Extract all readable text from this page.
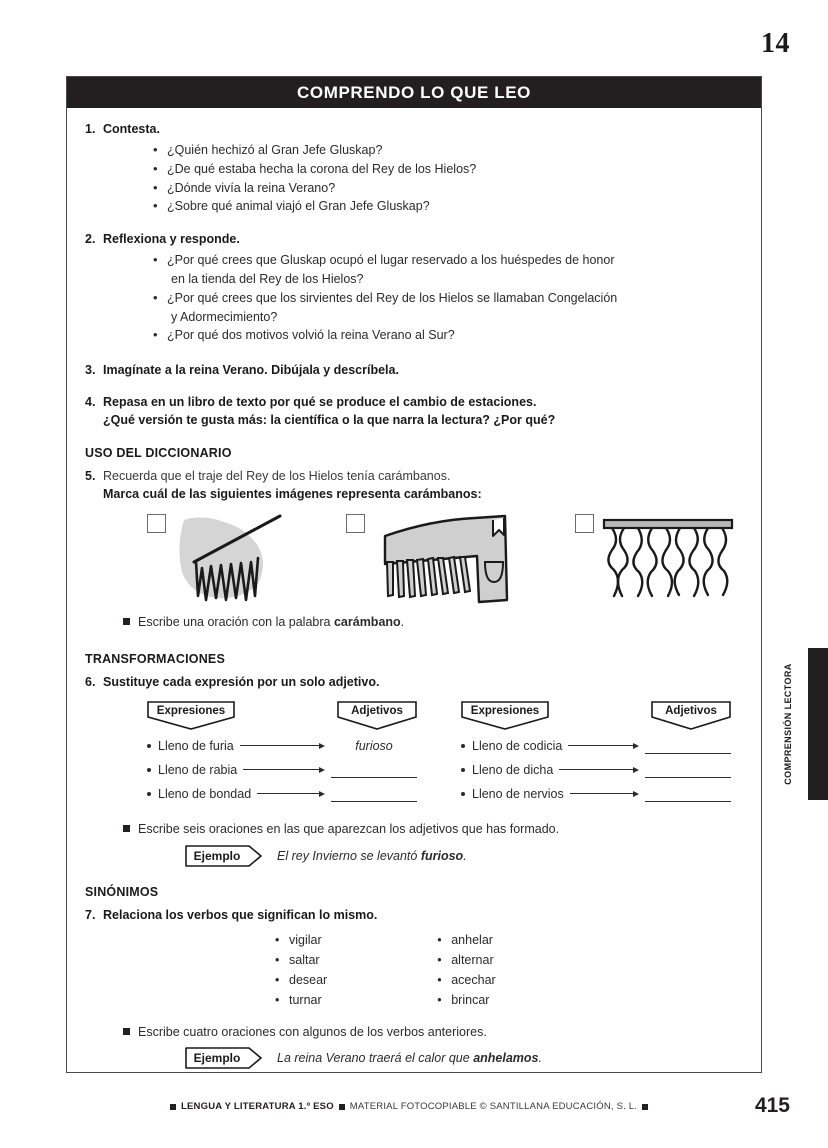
14
COMPRENDO LO QUE LEO
1. Contesta.
• ¿Quién hechizó al Gran Jefe Gluskap?
• ¿De qué estaba hecha la corona del Rey de los Hielos?
• ¿Dónde vivía la reina Verano?
• ¿Sobre qué animal viajó el Gran Jefe Gluskap?
2. Reflexiona y responde.
• ¿Por qué crees que Gluskap ocupó el lugar reservado a los huéspedes de honor
en la tienda del Rey de los Hielos?
• ¿Por qué crees que los sirvientes del Rey de los Hielos se llamaban Congelación
y Adormecimiento?
• ¿Por qué dos motivos volvió la reina Verano al Sur?
3. Imagínate a la reina Verano. Dibújala y descríbela.
4. Repasa en un libro de texto por qué se produce el cambio de estaciones.
¿Qué versión te gusta más: la científica o la que narra la lectura? ¿Por qué?
USO DEL DICCIONARIO
5. Recuerda que el traje del Rey de los Hielos tenía carámbanos.
Marca cuál de las siguientes imágenes representa carámbanos:
Escribe una oración con la palabra carámbano.
TRANSFORMACIONES
6. Sustituye cada expresión por un solo adjetivo.
Expresiones	Adjetivos
Lleno de furia	furioso
Lleno de rabia
Lleno de bondad
Expresiones	Adjetivos
Lleno de codicia
Lleno de dicha
Lleno de nervios
Escribe seis oraciones en las que aparezcan los adjetivos que has formado.
Ejemplo	El rey Invierno se levantó furioso.
SINÓNIMOS
7. Relaciona los verbos que significan lo mismo.
• vigilar
• saltar
• desear
• turnar
• anhelar
• alternar
• acechar
• brincar
Escribe cuatro oraciones con algunos de los verbos anteriores.
Ejemplo	La reina Verano traerá el calor que anhelamos.
COMPRENSIÓN LECTORA
LENGUA Y LITERATURA 1.º ESO MATERIAL FOTOCOPIABLE © SANTILLANA EDUCACIÓN, S. L.	415
